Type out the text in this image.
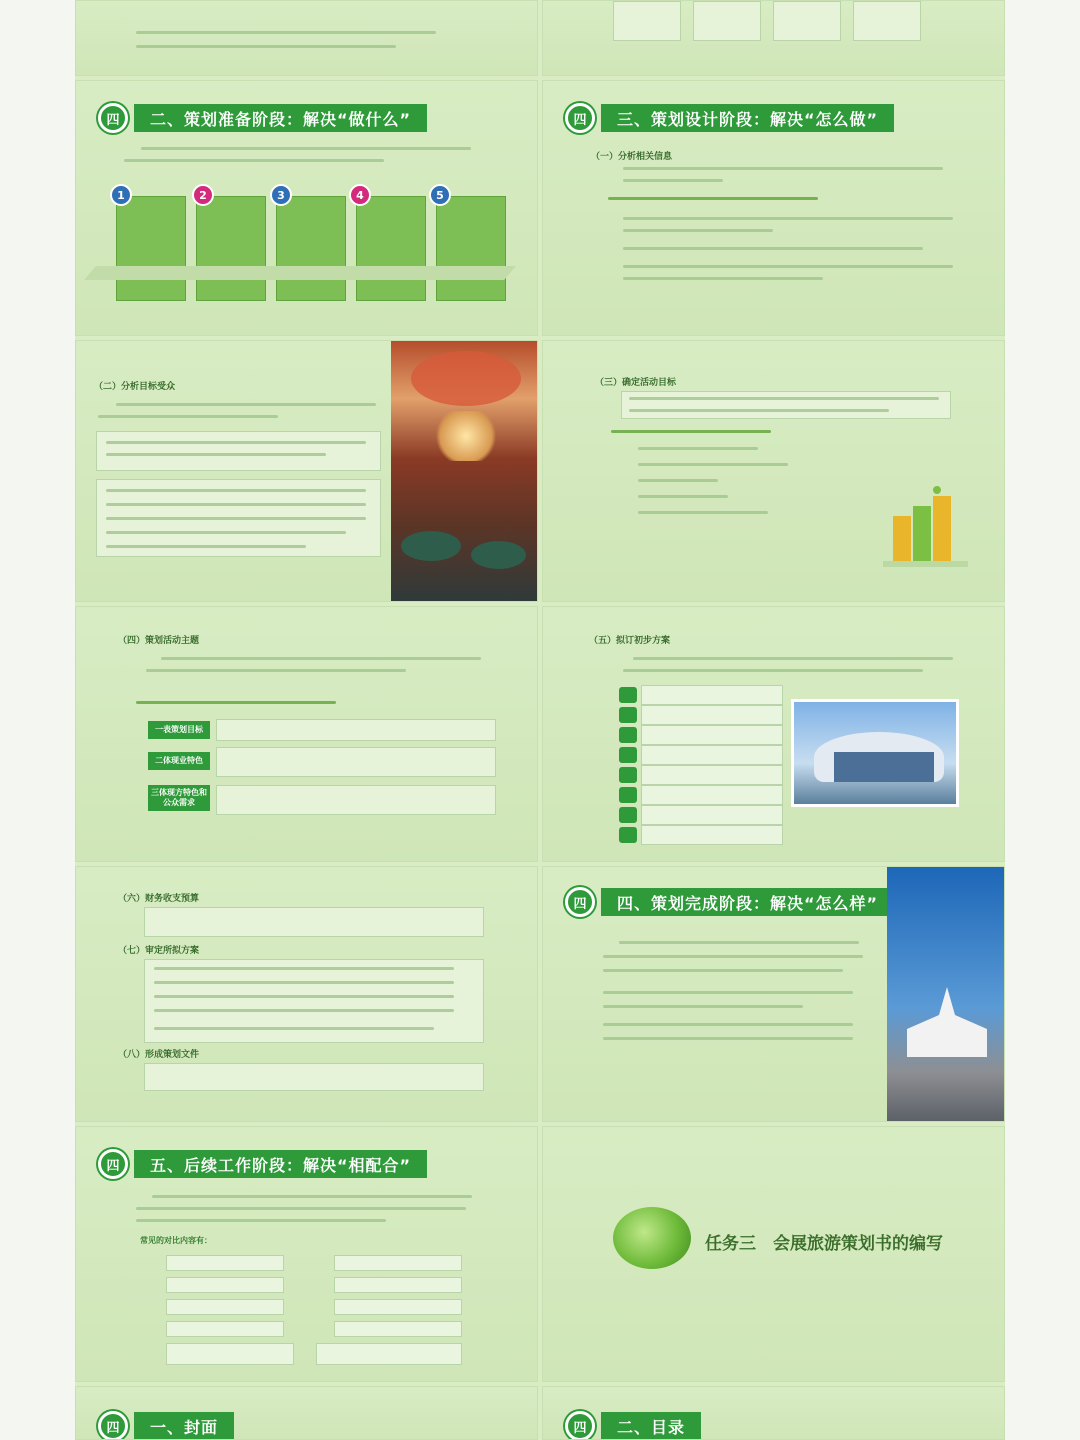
四	二、策划准备阶段：解决“做什么”
1	2	3	4	5
四	三、策划设计阶段：解决“怎么做”
（一）分析相关信息
（二）分析目标受众	（三）确定活动目标
（四）策划活动主题
一表策划目标
二体现业特色
三体现方特色和公众需求
（五）拟订初步方案
（六）财务收支预算
（七）审定所拟方案
（八）形成策划文件
四	四、策划完成阶段：解决“怎么样”
四	五、后续工作阶段：解决“相配合”
常见的对比内容有：	任务三　会展旅游策划书的编写
四	一、封面	四	二、目录
